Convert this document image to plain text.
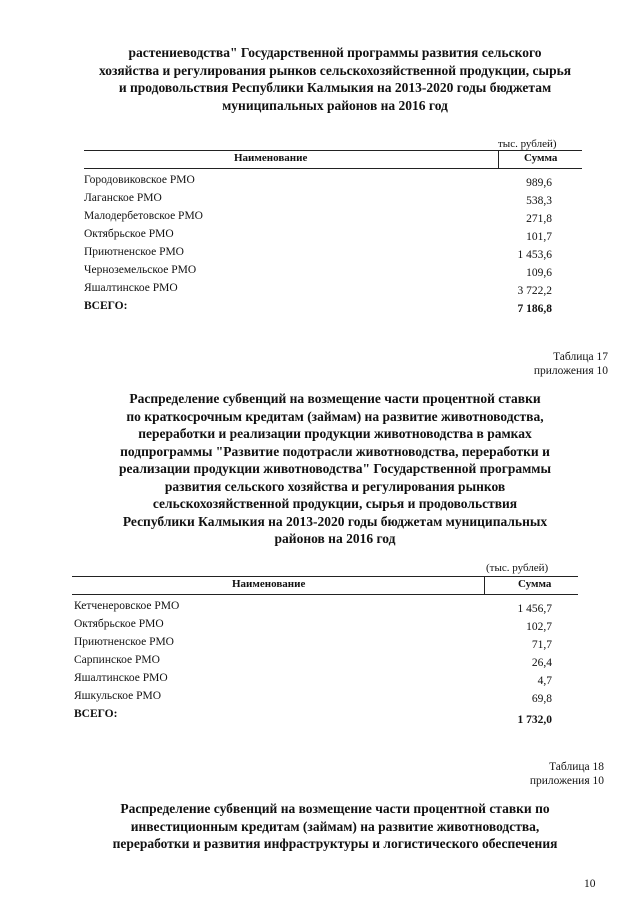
растениеводства" Государственной программы развития сельского
хозяйства и регулирования рынков сельскохозяйственной продукции, сырья
и продовольствия Республики Калмыкия на 2013-2020 годы бюджетам
муниципальных районов на 2016 год
тыс. рублей)
Наименование	Сумма
Городовиковское РМО	989,6
Лаганское РМО	538,3
Малодербетовское РМО	271,8
Октябрьское РМО	101,7
Приютненское РМО	1 453,6
Черноземельское РМО	109,6
Яшалтинское РМО	3 722,2
ВСЕГО:	7 186,8
Таблица 17
приложения 10
Распределение субвенций на возмещение части процентной ставки
по краткосрочным кредитам (займам) на развитие животноводства,
переработки и реализации продукции животноводства в рамках
подпрограммы "Развитие подотрасли животноводства, переработки и
реализации продукции животноводства" Государственной программы
развития сельского хозяйства и регулирования рынков
сельскохозяйственной продукции, сырья и продовольствия
Республики Калмыкия на 2013-2020 годы бюджетам муниципальных
районов на 2016 год
(тыс. рублей)
Наименование	Сумма
Кетченеровское РМО	1 456,7
Октябрьское РМО	102,7
Приютненское РМО	71,7
Сарпинское РМО	26,4
Яшалтинское РМО	4,7
Яшкульское РМО	69,8
ВСЕГО:	1 732,0
Таблица 18
приложения 10
Распределение субвенций на возмещение части процентной ставки по
инвестиционным кредитам (займам) на развитие животноводства,
переработки и развития инфраструктуры и логистического обеспечения
10
